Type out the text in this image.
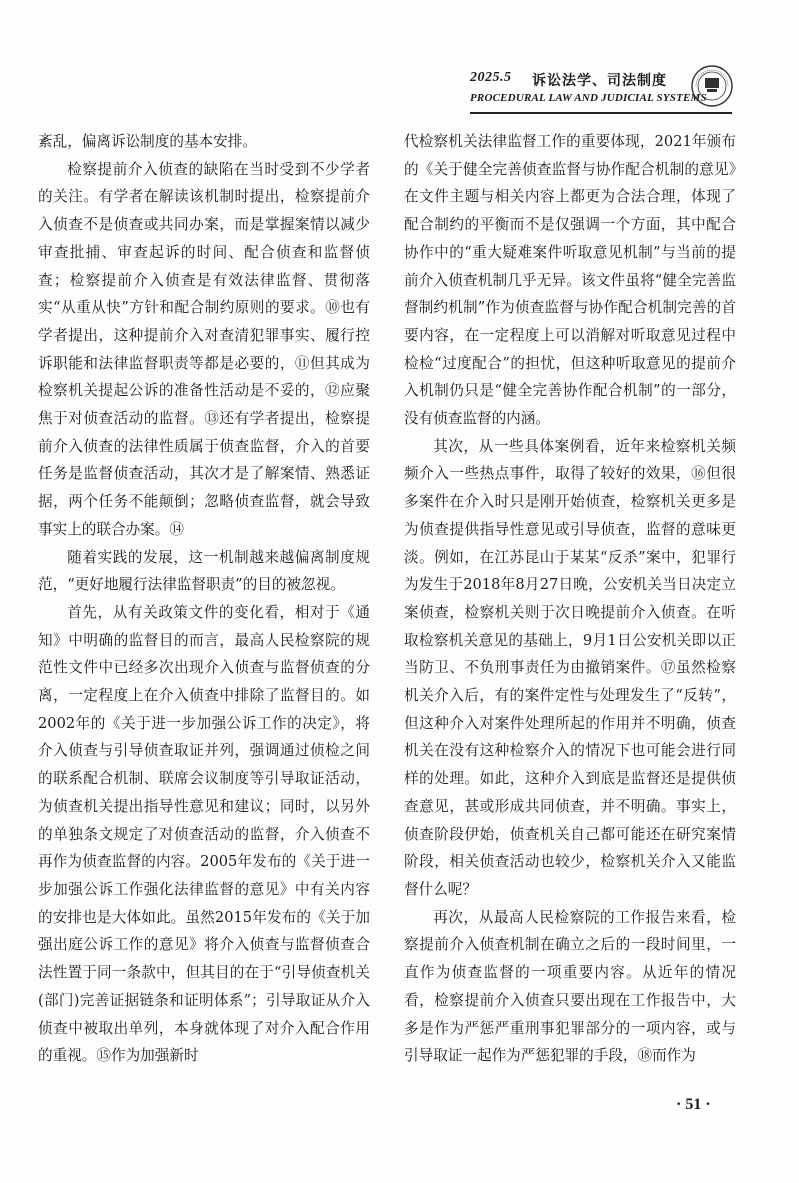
2025.5 诉讼法学、司法制度
PROCEDURAL LAW AND JUDICIAL SYSTEMS

紊乱，偏离诉讼制度的基本安排。

检察提前介入侦查的缺陷在当时受到不少学者的关注。有学者在解读该机制时提出，检察提前介入侦查不是侦查或共同办案，而是掌握案情以减少审查批捕、审查起诉的时间、配合侦查和监督侦查；检察提前介入侦查是有效法律监督、贯彻落实“从重从快”方针和配合制约原则的要求。⑩也有学者提出，这种提前介入对查清犯罪事实、履行控诉职能和法律监督职责等都是必要的，⑪但其成为检察机关提起公诉的准备性活动是不妥的，⑫应聚焦于对侦查活动的监督。⑬还有学者提出，检察提前介入侦查的法律性质属于侦查监督，介入的首要任务是监督侦查活动，其次才是了解案情、熟悉证据，两个任务不能颠倒；忽略侦查监督，就会导致事实上的联合办案。⑭

随着实践的发展，这一机制越来越偏离制度规范，“更好地履行法律监督职责”的目的被忽视。

首先，从有关政策文件的变化看，相对于《通知》中明确的监督目的而言，最高人民检察院的规范性文件中已经多次出现介入侦查与监督侦查的分离，一定程度上在介入侦查中排除了监督目的。如2002年的《关于进一步加强公诉工作的决定》，将介入侦查与引导侦查取证并列，强调通过侦检之间的联系配合机制、联席会议制度等引导取证活动，为侦查机关提出指导性意见和建议；同时，以另外的单独条文规定了对侦查活动的监督，介入侦查不再作为侦查监督的内容。2005年发布的《关于进一步加强公诉工作强化法律监督的意见》中有关内容的安排也是大体如此。虽然2015年发布的《关于加强出庭公诉工作的意见》将介入侦查与监督侦查合法性置于同一条款中，但其目的在于“引导侦查机关(部门)完善证据链条和证明体系”；引导取证从介入侦查中被取出单列，本身就体现了对介入配合作用的重视。⑮作为加强新时

代检察机关法律监督工作的重要体现，2021年颁布的《关于健全完善侦查监督与协作配合机制的意见》在文件主题与相关内容上都更为合法合理，体现了配合制约的平衡而不是仅强调一个方面，其中配合协作中的“重大疑难案件听取意见机制”与当前的提前介入侦查机制几乎无异。该文件虽将“健全完善监督制约机制”作为侦查监督与协作配合机制完善的首要内容，在一定程度上可以消解对听取意见过程中检检“过度配合”的担忧，但这种听取意见的提前介入机制仍只是“健全完善协作配合机制”的一部分，没有侦查监督的内涵。

其次，从一些具体案例看，近年来检察机关频频介入一些热点事件，取得了较好的效果，⑯但很多案件在介入时只是刚开始侦查，检察机关更多是为侦查提供指导性意见或引导侦查，监督的意味更淡。例如，在江苏昆山于某某“反杀”案中，犯罪行为发生于2018年8月27日晚，公安机关当日决定立案侦查，检察机关则于次日晚提前介入侦查。在听取检察机关意见的基础上，9月1日公安机关即以正当防卫、不负刑事责任为由撤销案件。⑰虽然检察机关介入后，有的案件定性与处理发生了“反转”，但这种介入对案件处理所起的作用并不明确，侦查机关在没有这种检察介入的情况下也可能会进行同样的处理。如此，这种介入到底是监督还是提供侦查意见，甚或形成共同侦查，并不明确。事实上，侦查阶段伊始，侦查机关自己都可能还在研究案情阶段，相关侦查活动也较少，检察机关介入又能监督什么呢？

再次，从最高人民检察院的工作报告来看，检察提前介入侦查机制在确立之后的一段时间里，一直作为侦查监督的一项重要内容。从近年的情况看，检察提前介入侦查只要出现在工作报告中，大多是作为严惩严重刑事犯罪部分的一项内容，或与引导取证一起作为严惩犯罪的手段，⑱而作为

· 51 ·
